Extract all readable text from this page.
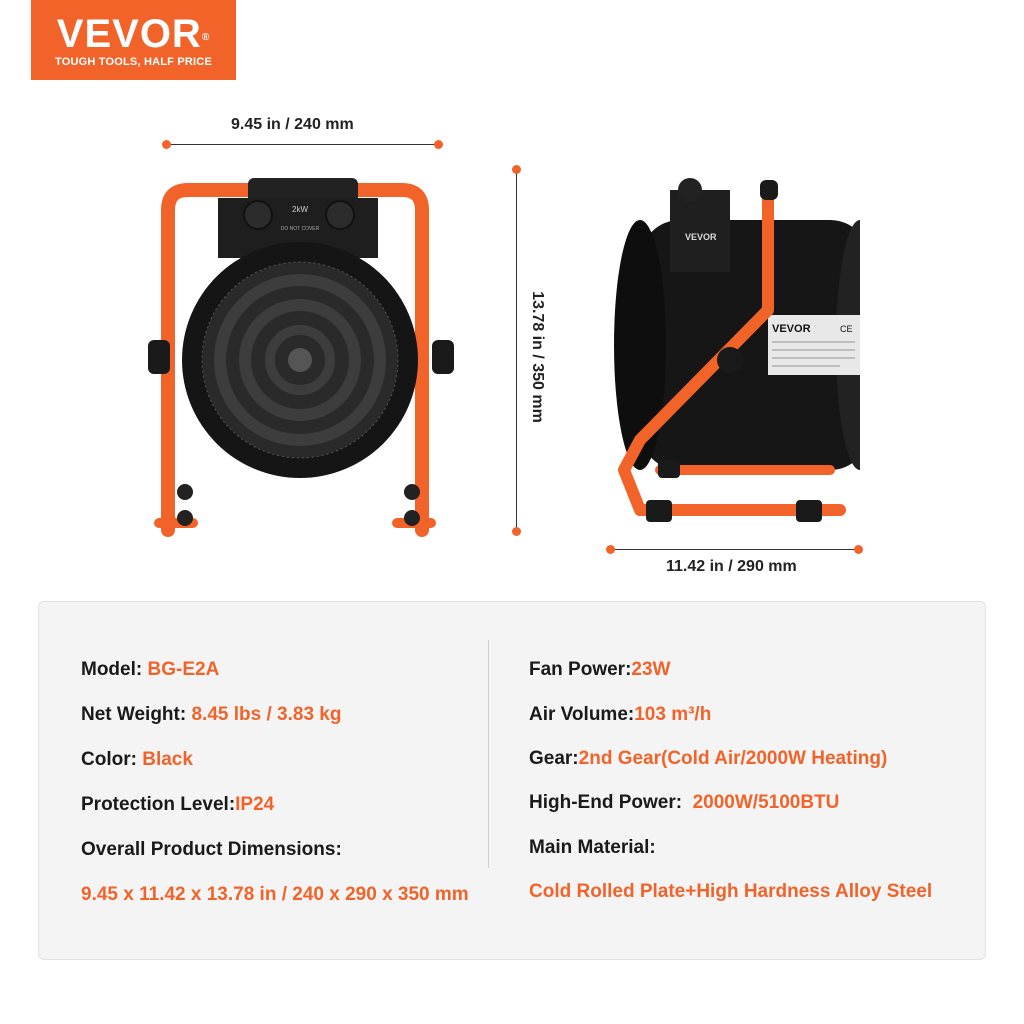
VEVOR®
TOUGH TOOLS, HALF PRICE
9.45 in / 240 mm
13.78 in / 350 mm
11.42 in / 290 mm
2kW
DO NOT COVER
VEVOR
VEVOR	CE
Model: BG-E2A
Net Weight: 8.45 lbs / 3.83 kg
Color: Black
Protection Level:IP24
Overall Product Dimensions:
9.45 x 11.42 x 13.78 in / 240 x 290 x 350 mm
Fan Power:23W
Air Volume:103 m³/h
Gear:2nd Gear(Cold Air/2000W Heating)
High-End Power:  2000W/5100BTU
Main Material:
Cold Rolled Plate+High Hardness Alloy Steel
